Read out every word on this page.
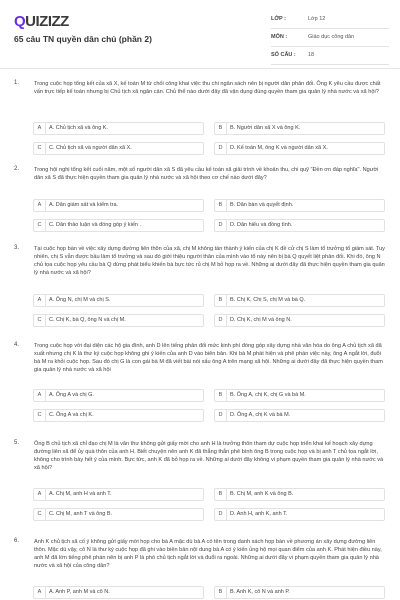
QUIZIZZ
65 câu TN quyền dân chủ (phần 2)
LỚP :	Lớp 12
MÔN :	Giáo dục công dân
SỐ CÂU : 18
1.	Trong cuộc họp tổng kết của xã X, kế toán M từ chối công khai việc thu chi ngân sách nên bị người dân phản đối. Ông K yêu cầu được chất vấn trực tiếp kế toán nhưng bị Chủ tịch xã ngăn cản. Chủ thể nào dưới đây đã vận dụng đúng quyền tham gia quản lý nhà nước và xã hội?
A	A. Chủ tịch xã và ông K.	B	B. Người dân xã X và ông K.
C	C. Chủ tịch xã và người dân xã X.	D	D. Kế toán M, ông K và người dân xã X.
2.	Trong hội nghị tổng kết cuối năm, một số người dân xã S đã yêu cầu kế toán xã giải trình về khoản thu, chi quỹ "Đền ơn đáp nghĩa". Người dân xã S đã thực hiện quyền tham gia quản lý nhà nước và xã hội theo cơ chế nào dưới đây?
A	A. Dân giám sát và kiểm tra.	B	B. Dân bàn và quyết định.
C	C. Dân thảo luận và đóng góp ý kiến .	D	D. Dân hiểu và đồng tình.
3.	Tại cuộc họp bàn về việc xây dựng đường liên thôn của xã, chị M không tán thành ý kiến của chị K đề cử chị S làm tổ trưởng tổ giám sát. Tuy nhiên, chị S vẫn được bầu làm tổ trưởng và sau đó giới thiệu người thân của mình vào tổ này nên bị bà Q quyết liệt phản đối. Khi đó, ông N chủ tọa cuộc họp yêu cầu bà Q dừng phát biểu khiến bà bực tức rủ chị M bỏ họp ra về. Những ai dưới đây đã thực hiện quyền tham gia quản lý nhà nước và xã hội?
A	A. Ông N, chị M và chị S.	B	B. Chị K, Chị S, chị M và bà Q.
C	C. Chị K, bà Q, ông N và chị M.	D	D. Chị K, chị M và ông N.
4.	Trong cuộc họp với đại diện các hộ gia đình, anh D lên tiếng phản đối mức kinh phí đóng góp xây dựng nhà văn hóa do ông A chủ tịch xã đã xuất nhưng chị K là thư ký cuộc họp không ghi ý kiến của anh D vào biên bản. Khi bà M phát hiện và phê phán việc này, ông A ngắt lời, đuổi bà M ra khỏi cuộc họp. Sau đó chị G là con gái bà M đã viết bài nói xấu ông A trên mạng xã hội. Những ai dưới đây đã thực hiện quyền tham gia quản lý nhà nước và xã hội
A	A. Ông A và chị G.	B	B. Ông A, chị K, chị G và bà M.
C	C. Ông A và chị K.	D	D. Ông A, chị K và bà M.
5.	Ông B chủ tịch xã chỉ đạo chị M là văn thư không gửi giấy mời cho anh H là trưởng thôn tham dự cuộc họp triển khai kế hoạch xây dựng đường liên xã để ủy quà thôn của anh H. Biết chuyện nên anh K đã thẳng thắn phê bình ông B trong cuộc họp và bị anh T chủ tọa ngắt lời, không cho trình bày hết ý của mình. Bực tức, anh K đã bỏ họp ra về. Những ai dưới đây không vi phạm quyền tham gia quản lý nhà nước và xã hội?
A	A. Chị M, anh H và anh T.	B	B. Chị M, anh K và ông B.
C	C. Chị M, anh T và ông B.	D	D. Anh H, anh K, anh T.
6.	Anh K chủ tịch xã cố ý không gửi giấy mời họp cho bà A mặc dù bà A có tên trong danh sách họp bàn về phương án xây dựng đường liên thôn. Mặc dù vậy, cô N là thư ký cuộc họp đã ghi vào biên bản nội dung bà A có ý kiến ủng hộ mọi quan điểm của anh K. Phát hiện điều này, anh M đã lớn tiếng phê phán nên bị anh P là phó chủ tịch ngắt lời và đuổi ra ngoài. Những ai dưới đây vi phạm quyền tham gia quản lý nhà nước và xã hội của công dân?
A	A. Anh P, anh M và cô N.	B	B. Anh K, cô N và anh P.
